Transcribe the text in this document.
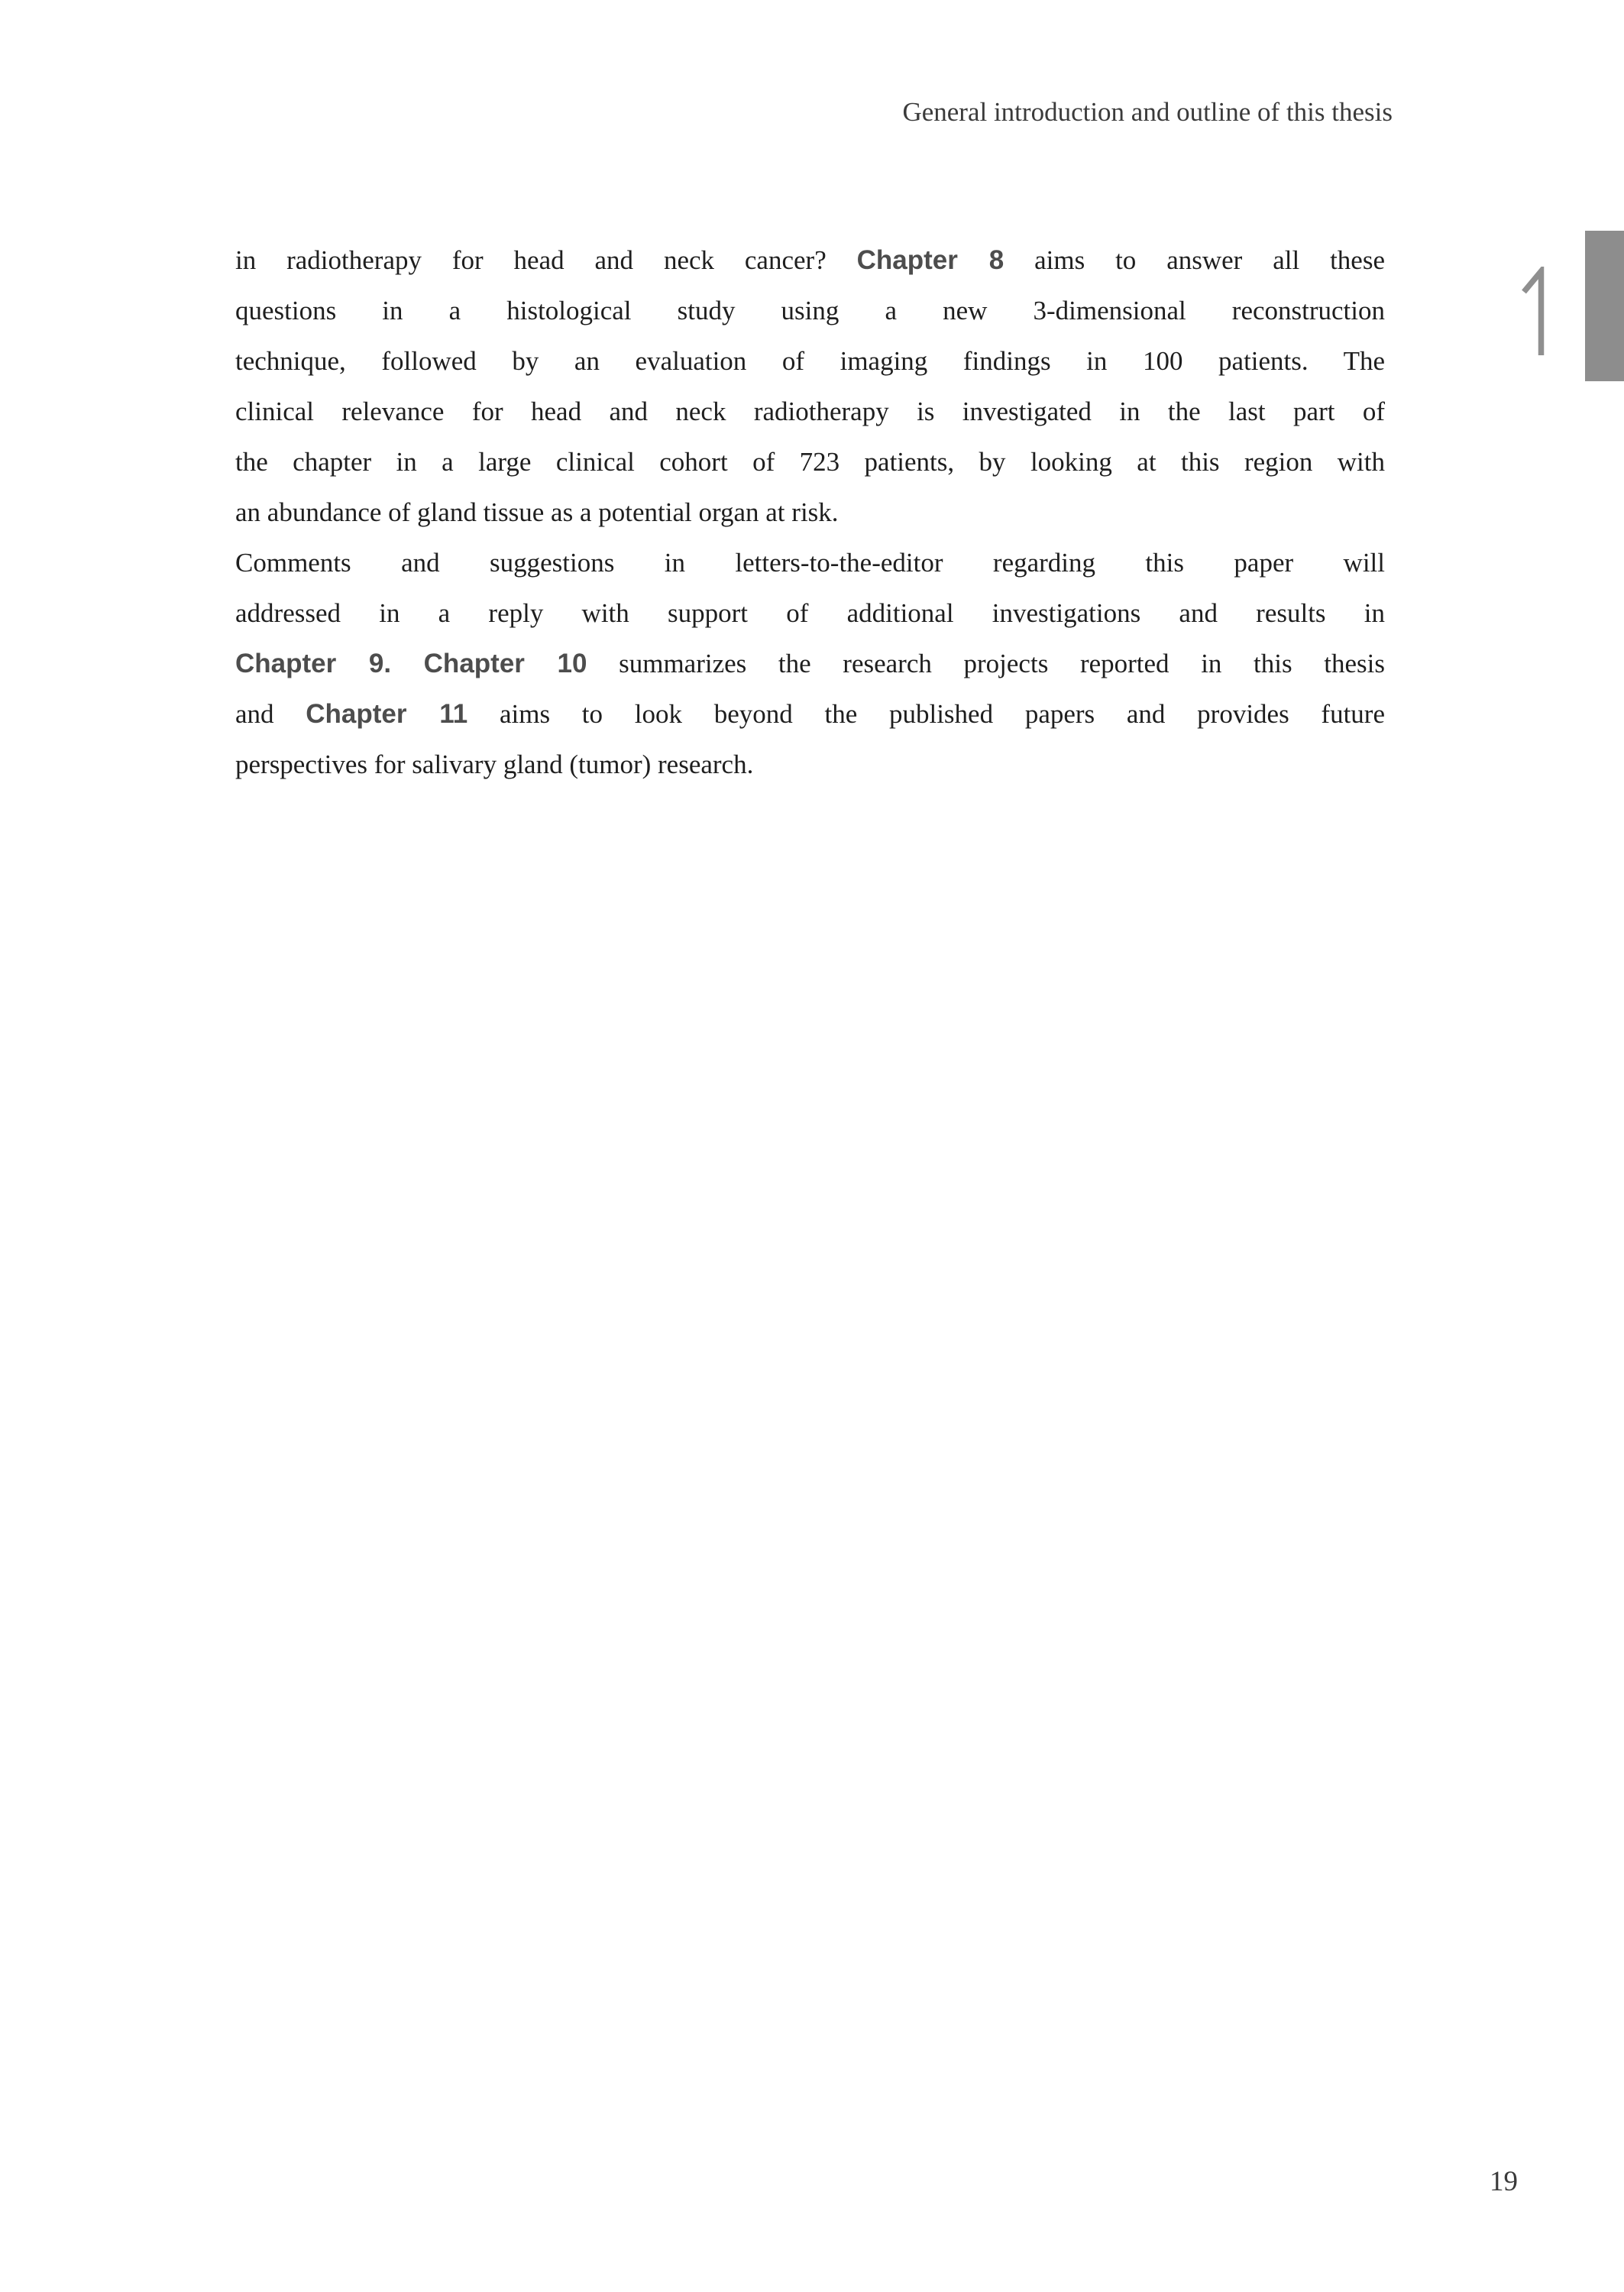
General introduction and outline of this thesis
in radiotherapy for head and neck cancer? Chapter 8 aims to answer all these
questions in a histological study using a new 3-dimensional reconstruction
technique, followed by an evaluation of imaging findings in 100 patients. The
clinical relevance for head and neck radiotherapy is investigated in the last part of
the chapter in a large clinical cohort of 723 patients, by looking at this region with
an abundance of gland tissue as a potential organ at risk.
Comments and suggestions in letters-to-the-editor regarding this paper will
addressed in a reply with support of additional investigations and results in
Chapter 9. Chapter 10 summarizes the research projects reported in this thesis
and Chapter 11 aims to look beyond the published papers and provides future
perspectives for salivary gland (tumor) research.
19
